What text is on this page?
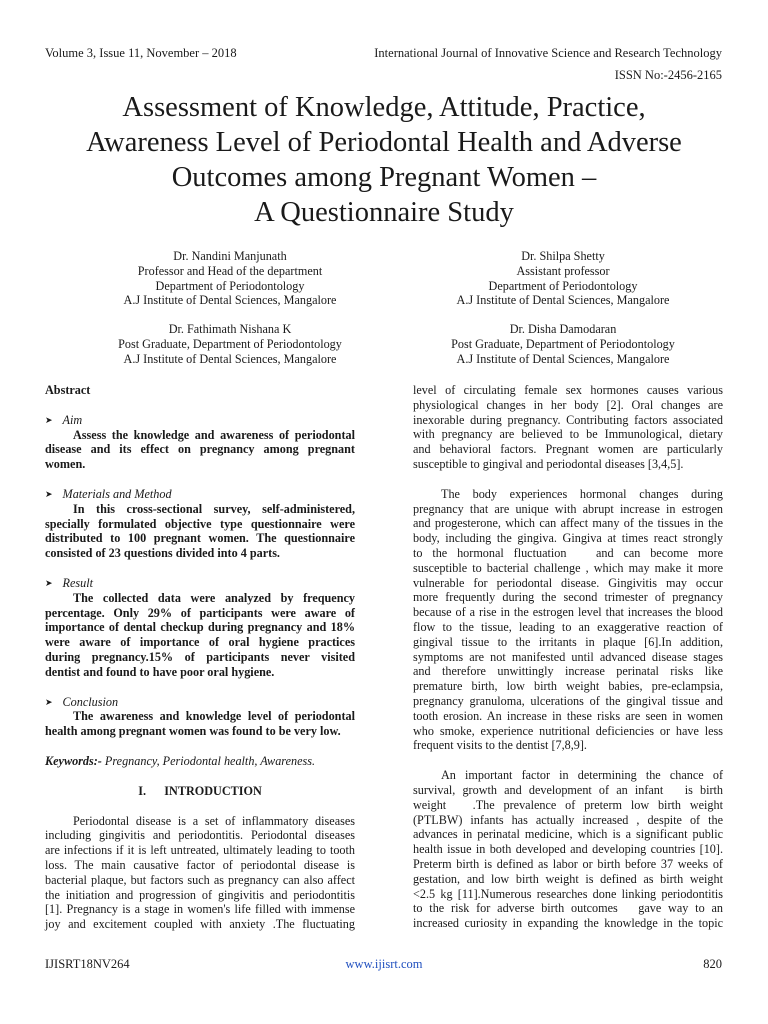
Volume 3, Issue 11, November – 2018	International Journal of Innovative Science and Research Technology
ISSN No:-2456-2165
Assessment of Knowledge, Attitude, Practice,
Awareness Level of Periodontal Health and Adverse
Outcomes among Pregnant Women –
A Questionnaire Study
Dr. Nandini Manjunath
Professor and Head of the department
Department of Periodontology
A.J Institute of Dental Sciences, Mangalore
Dr. Shilpa Shetty
Assistant professor
Department of Periodontology
A.J Institute of Dental Sciences, Mangalore
Dr. Fathimath Nishana K
Post Graduate, Department of Periodontology
A.J Institute of Dental Sciences, Mangalore
Dr. Disha Damodaran
Post Graduate, Department of Periodontology
A.J Institute of Dental Sciences, Mangalore
Abstract
➤ Aim

Assess the knowledge and awareness of periodontal
disease and its effect on pregnancy among pregnant
women.

➤ Materials and Method

In this cross-sectional survey, self-administered,
specially formulated objective type questionnaire were
distributed to 100 pregnant women. The questionnaire
consisted of 23 questions divided into 4 parts.

➤ Result

The collected data were analyzed by frequency
percentage. Only 29% of participants were aware of
importance of dental checkup during pregnancy and 18%
were aware of importance of oral hygiene practices
during pregnancy.15% of participants never visited
dentist and found to have poor oral hygiene.

➤ Conclusion

The awareness and knowledge level of periodontal
health among pregnant women was found to be very low.

Keywords:- Pregnancy, Periodontal health, Awareness.
I.      INTRODUCTION

Periodontal disease is a set of inflammatory diseases
including gingivitis and periodontitis. Periodontal diseases
are infections if it is left untreated, ultimately leading to tooth
loss. The main causative factor of periodontal disease is
bacterial plaque, but factors such as pregnancy can also affect
the initiation and progression of gingivitis and periodontitis
[1]. Pregnancy is a stage in women's life filled with immense
joy and excitement coupled with anxiety .The fluctuating

level of circulating female sex hormones causes various
physiological changes in her body [2]. Oral changes are
inexorable during pregnancy. Contributing factors associated
with pregnancy are believed to be Immunological, dietary
and behavioral factors. Pregnant women are particularly
susceptible to gingival and periodontal diseases [3,4,5].

The body experiences hormonal changes during
pregnancy that are unique with abrupt increase in estrogen
and progesterone, which can affect many of the tissues in the
body, including the gingiva. Gingiva at times react strongly
to the hormonal fluctuation   and can become more
susceptible to bacterial challenge , which may make it more
vulnerable for periodontal disease. Gingivitis may occur
more frequently during the second trimester of pregnancy
because of a rise in the estrogen level that increases the blood
flow to the tissue, leading to an exaggerative reaction of
gingival tissue to the irritants in plaque [6].In addition,
symptoms are not manifested until advanced disease stages
and therefore unwittingly increase perinatal risks like
premature birth, low birth weight babies, pre-eclampsia,
pregnancy granuloma, ulcerations of the gingival tissue and
tooth erosion. An increase in these risks are seen in women
who smoke, experience nutritional deficiencies or have less
frequent visits to the dentist [7,8,9].

An important factor in determining the chance of
survival, growth and development of an infant   is birth
weight   .The prevalence of preterm low birth weight
(PTLBW) infants has actually increased , despite of the
advances in perinatal medicine, which is a significant public
health issue in both developed and developing countries [10].
Preterm birth is defined as labor or birth before 37 weeks of
gestation, and low birth weight is defined as birth weight
<2.5 kg [11].Numerous researches done linking periodontitis
to the risk for adverse birth outcomes   gave way to an
increased curiosity in expanding the knowledge in the topic

IJISRT18NV264	www.ijisrt.com	820
